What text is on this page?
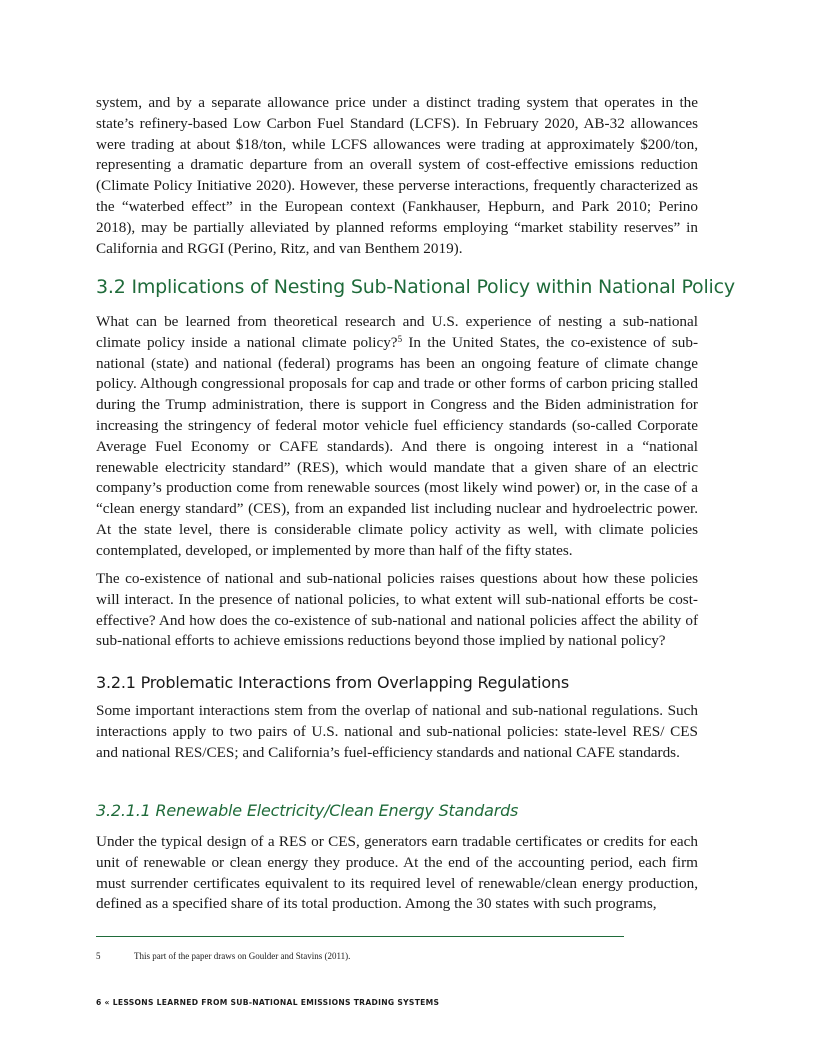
system, and by a separate allowance price under a distinct trading system that operates in the state’s refinery-based Low Carbon Fuel Standard (LCFS). In February 2020, AB-32 allowances were trading at about $18/ton, while LCFS allowances were trading at approximately $200/ton, representing a dramatic departure from an overall system of cost-effective emissions reduction (Climate Policy Initiative 2020). However, these perverse interactions, frequently characterized as the “waterbed effect” in the European context (Fankhauser, Hepburn, and Park 2010; Perino 2018), may be partially alleviated by planned reforms employing “market stability reserves” in California and RGGI (Perino, Ritz, and van Benthem 2019).

3.2 Implications of Nesting Sub-National Policy within National Policy

What can be learned from theoretical research and U.S. experience of nesting a sub-national climate policy inside a national climate policy?$^5$ In the United States, the co-existence of sub-national (state) and national (federal) programs has been an ongoing feature of climate change policy. Although congressional proposals for cap and trade or other forms of carbon pricing stalled during the Trump administration, there is support in Congress and the Biden administration for increasing the stringency of federal motor vehicle fuel efficiency standards (so-called Corporate Average Fuel Economy or CAFE standards). And there is ongoing interest in a “national renewable electricity standard” (RES), which would mandate that a given share of an electric company’s production come from renewable sources (most likely wind power) or, in the case of a “clean energy standard” (CES), from an expanded list including nuclear and hydroelectric power. At the state level, there is considerable climate policy activity as well, with climate policies contemplated, developed, or implemented by more than half of the fifty states.

The co-existence of national and sub-national policies raises questions about how these policies will interact. In the presence of national policies, to what extent will sub-national efforts be cost-effective? And how does the co-existence of sub-national and national policies affect the ability of sub-national efforts to achieve emissions reductions beyond those implied by national policy?

3.2.1 Problematic Interactions from Overlapping Regulations

Some important interactions stem from the overlap of national and sub-national regulations. Such interactions apply to two pairs of U.S. national and sub-national policies: state-level RES/ CES and national RES/CES; and California’s fuel-efficiency standards and national CAFE standards.

3.2.1.1 Renewable Electricity/Clean Energy Standards

Under the typical design of a RES or CES, generators earn tradable certificates or credits for each unit of renewable or clean energy they produce. At the end of the accounting period, each firm must surrender certificates equivalent to its required level of renewable/clean energy production, defined as a specified share of its total production. Among the 30 states with such programs,

5	This part of the paper draws on Goulder and Stavins (2011).
6 « LESSONS LEARNED FROM SUB-NATIONAL EMISSIONS TRADING SYSTEMS
